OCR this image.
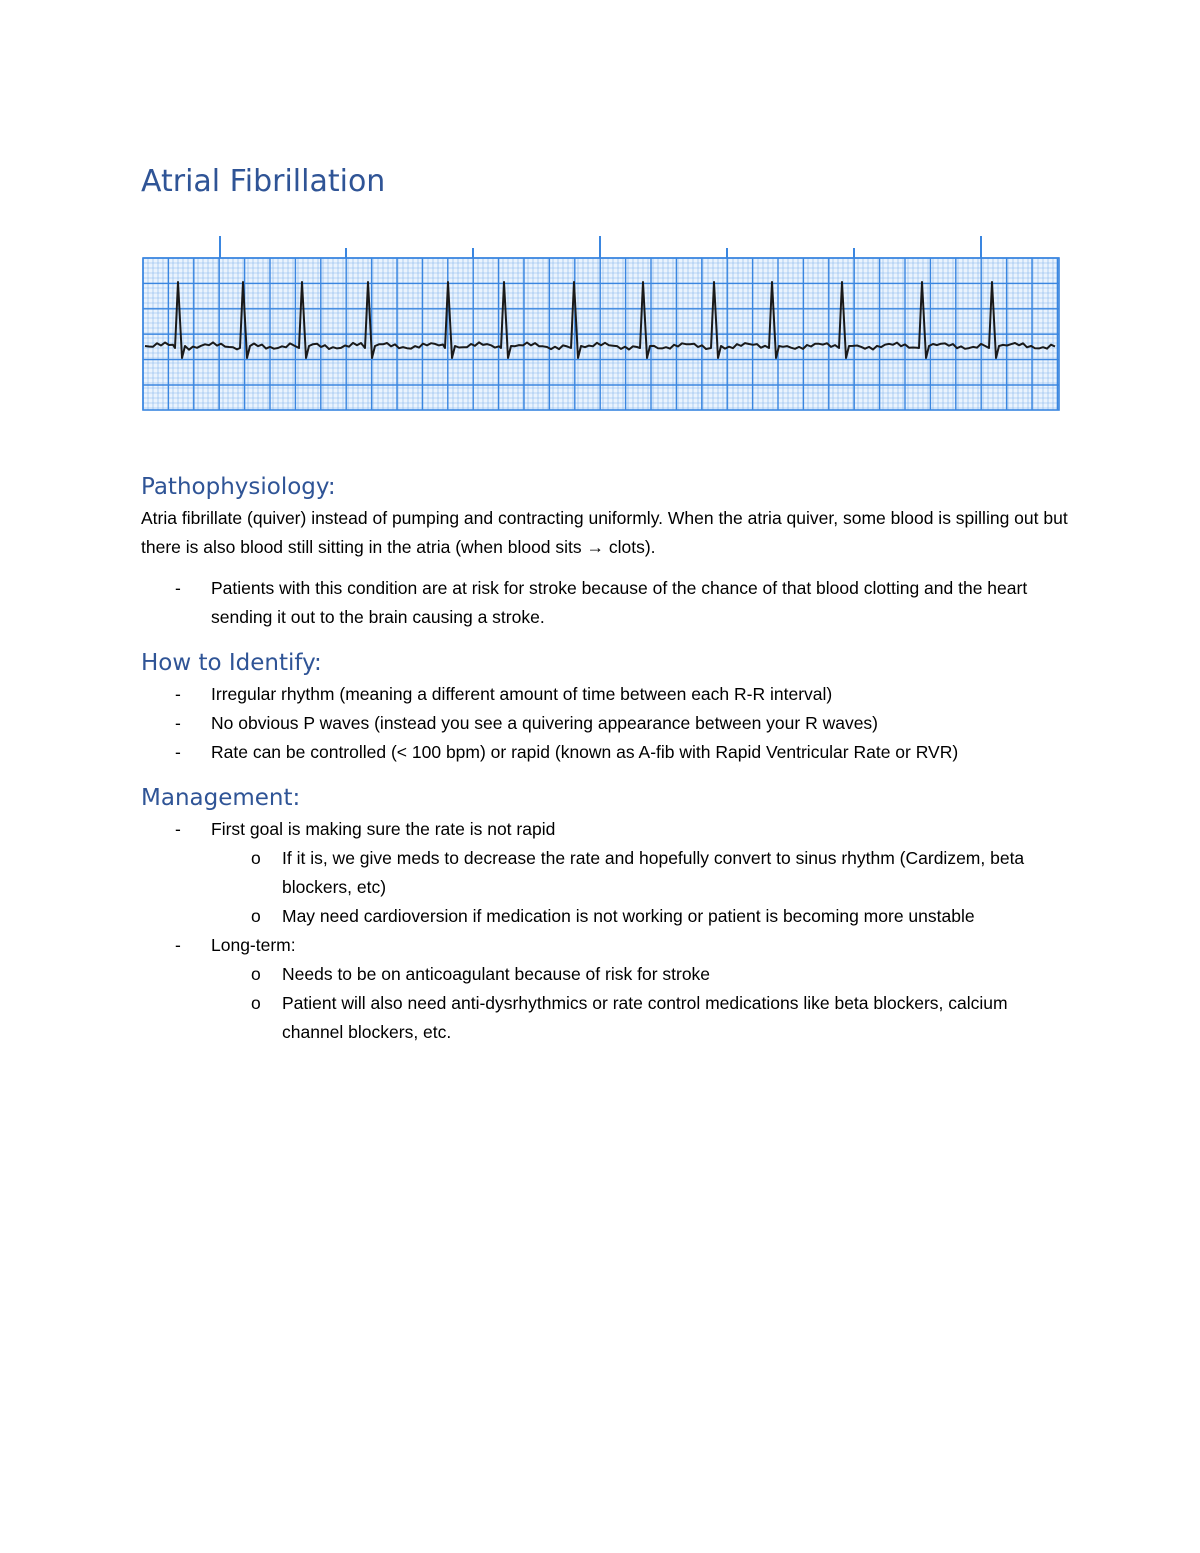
Atrial Fibrillation
Pathophysiology:

Atria fibrillate (quiver) instead of pumping and contracting uniformly. When the atria quiver, some blood is spilling out but there is also blood still sitting in the atria (when blood sits → clots).

- Patients with this condition are at risk for stroke because of the chance of that blood clotting and the heart sending it out to the brain causing a stroke.
How to Identify:
- Irregular rhythm (meaning a different amount of time between each R-R interval)
- No obvious P waves (instead you see a quivering appearance between your R waves)
- Rate can be controlled (< 100 bpm) or rapid (known as A-fib with Rapid Ventricular Rate or RVR)
Management:
- First goal is making sure the rate is not rapid
o If it is, we give meds to decrease the rate and hopefully convert to sinus rhythm (Cardizem, beta blockers, etc)
o May need cardioversion if medication is not working or patient is becoming more unstable
- Long-term:
o Needs to be on anticoagulant because of risk for stroke
o Patient will also need anti-dysrhythmics or rate control medications like beta blockers, calcium channel blockers, etc.
